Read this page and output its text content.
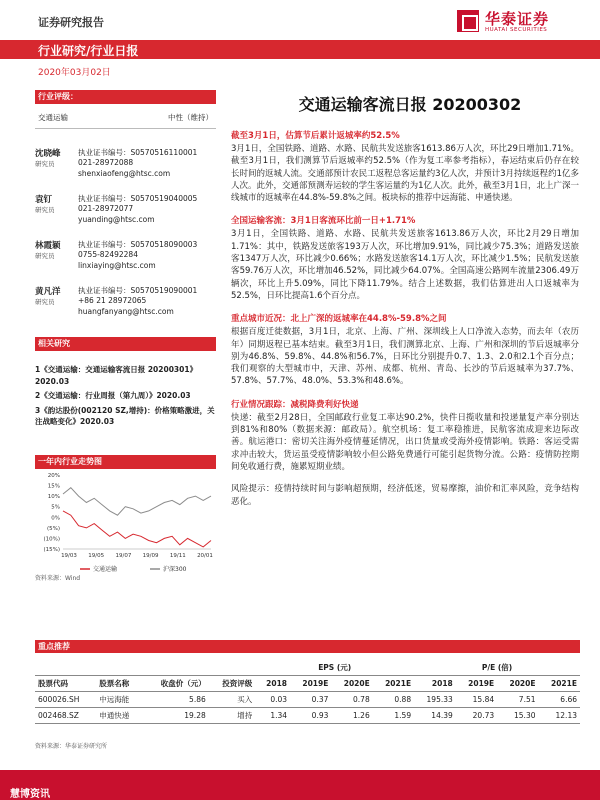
证券研究报告	华泰证券
HUATAI SECURITIES
行业研究/行业日报
2020年03月02日
行业评级：
交通运输	中性（维持）
沈晓峰
研究员
执业证书编号：S0570516110001
021-28972088
shenxiaofeng@htsc.com
袁钉
研究员
执业证书编号：S0570519040005
021-28972077
yuanding@htsc.com
林霞颖
研究员
执业证书编号：S0570518090003
0755-82492284
linxiaying@htsc.com
黄凡洋
研究员
执业证书编号：S0570519090001
+86 21 28972065
huangfanyang@htsc.com
相关研究
1《交通运输：交通运输客流日报 20200301》2020.03
2《交通运输：行业周报（第九周）》2020.03
3《韵达股份(002120 SZ,增持)：价格策略激进，关注战略变化》2020.03
一年内行业走势图
20%
15%
10%
5%
0%
(5%)
(10%)
(15%)
19/03 19/05 19/07 19/09 19/11 20/01
交通运输	沪深300
资料来源：Wind
交通运输客流日报 20200302
截至3月1日，估算节后累计返城率约52.5%
3月1日，全国铁路、道路、水路、民航共发送旅客1613.86万人次，环比29日增加1.71%。截至3月1日，我们测算节后返城率约52.5%（作为复工率参考指标），春运结束后仍存在较长时间的返城人流。交通部预计农民工返程总客运量约3亿人次，并预计3月持续返程约1亿多人次。此外，交通部预测寿运较的学生客运量约为1亿人次。此外，截至3月1日，北上广深一线城市的返城率在44.8%-59.8%之间。板块标的推荐中远海能、申通快递。
全国运输客流：3月1日客流环比前一日+1.71%
3月1日，全国铁路、道路、水路、民航共发送旅客1613.86万人次，环比2月29日增加1.71%：其中，铁路发送旅客193万人次，环比增加9.91%，同比减少75.3%；道路发送旅客1347万人次，环比减少0.66%；水路发送旅客14.1万人次，环比减少1.5%；民航发送旅客59.76万人次，环比增加46.52%，同比减少64.07%。全国高速公路网车流量2306.49万辆次，环比上升5.09%，同比下降11.79%。结合上述数据，我们估算进出人口返城率为52.5%，日环比提高1.6个百分点。
重点城市近况：北上广深的返城率在44.8%-59.8%之间
根据百度迁徙数据，3月1日，北京、上海、广州、深圳线上人口净流入态势，而去年（农历年）同期返程已基本结束。截至3月1日，我们测算北京、上海、广州和深圳的节后返城率分别为46.8%、59.8%、44.8%和56.7%，日环比分别提升0.7、1.3、2.0和2.1个百分点；我们观察的大型城市中，天津、苏州、成都、杭州、青岛、长沙的节后返城率为37.7%、57.8%、57.7%、48.0%、53.3%和48.6%。
行业情况跟踪：减税降费利好快递
快递：截至2月28日，全国邮政行业复工率达90.2%，快件日揽收量和投递量复产率分别达到81%和80%（数据来源：邮政局）。航空机场：复工率稳推进，民航客流成迎来边际改善。航运港口：密切关注海外疫情蔓延情况，出口货量或受海外疫情影响。铁路：客运受需求冲击较大，货运虽受疫情影响较小但公路免费通行可能引起货物分流。公路：疫情防控期间免收通行费，施累短期业绩。
风险提示：疫情持续时间与影响超预期，经济低迷，贸易摩擦，油价和汇率风险，竞争结构恶化。
重点推荐
				EPS (元)				P/E (倍)			
股票代码	股票名称	收盘价（元）	投资评级	2018	2019E	2020E	2021E	2018	2019E	2020E	2021E
600026.SH	中远海能	5.86	买入	0.03	0.37	0.78	0.88	195.33	15.84	7.51	6.66
002468.SZ	申通快递	19.28	增持	1.34	0.93	1.26	1.59	14.39	20.73	15.30	12.13
资料来源：华泰证券研究所
慧博资讯
